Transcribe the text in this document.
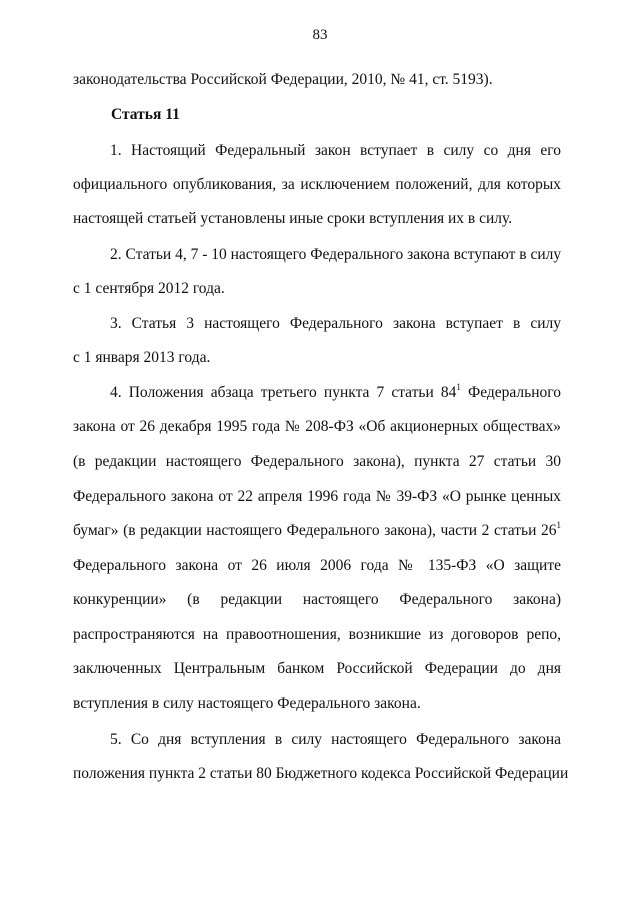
83
законодательства Российской Федерации, 2010, № 41, ст. 5193).
Статья 11
1. Настоящий Федеральный закон вступает в силу со дня его
официального опубликования, за исключением положений, для которых
настоящей статьей установлены иные сроки вступления их в силу.
2. Статьи 4, 7 - 10 настоящего Федерального закона вступают в силу
с 1 сентября 2012 года.
3. Статья 3 настоящего Федерального закона вступает в силу
с 1 января 2013 года.
4. Положения абзаца третьего пункта 7 статьи $84^1$ Федерального
закона от 26 декабря 1995 года № 208-ФЗ «Об акционерных обществах»
(в редакции настоящего Федерального закона), пункта 27 статьи 30
Федерального закона от 22 апреля 1996 года № 39-ФЗ «О рынке ценных
бумаг» (в редакции настоящего Федерального закона), части 2 статьи $26^1$
Федерального закона от 26 июля 2006 года № 135-ФЗ «О защите
конкуренции» (в редакции настоящего Федерального закона)
распространяются на правоотношения, возникшие из договоров репо,
заключенных Центральным банком Российской Федерации до дня
вступления в силу настоящего Федерального закона.
5. Со дня вступления в силу настоящего Федерального закона
положения пункта 2 статьи 80 Бюджетного кодекса Российской Федерации
